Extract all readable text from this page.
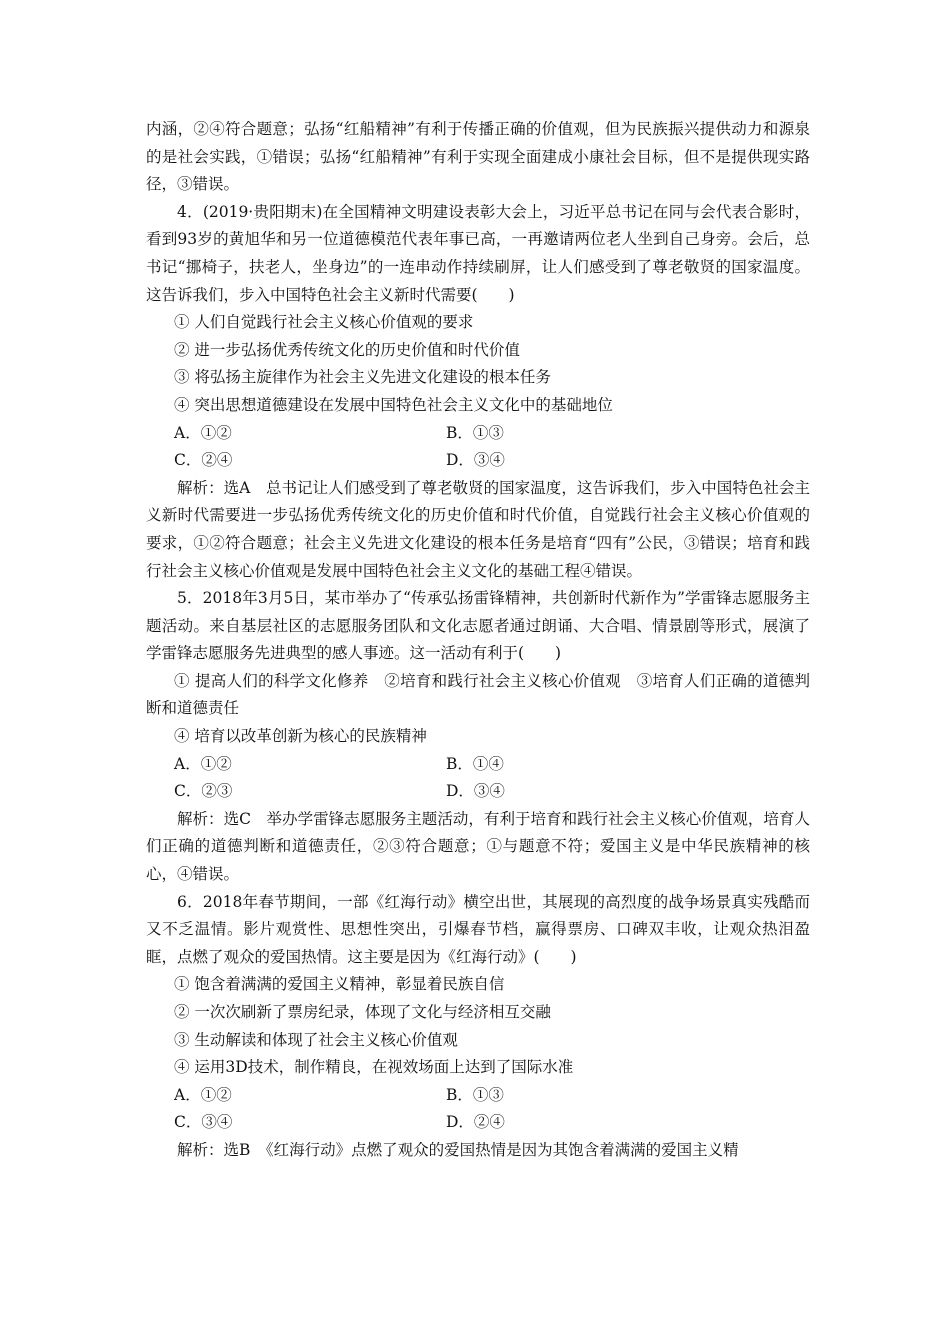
内涵，②④符合题意；弘扬“红船精神”有利于传播正确的价值观，但为民族振兴提供动力和源泉的是社会实践，①错误；弘扬“红船精神”有利于实现全面建成小康社会目标，但不是提供现实路径，③错误。

4．(2019·贵阳期末)在全国精神文明建设表彰大会上，习近平总书记在同与会代表合影时，看到93岁的黄旭华和另一位道德模范代表年事已高，一再邀请两位老人坐到自己身旁。会后，总书记“挪椅子，扶老人，坐身边”的一连串动作持续刷屏，让人们感受到了尊老敬贤的国家温度。这告诉我们，步入中国特色社会主义新时代需要(　　)

① 人们自觉践行社会主义核心价值观的要求

② 进一步弘扬优秀传统文化的历史价值和时代价值

③ 将弘扬主旋律作为社会主义先进文化建设的根本任务

④ 突出思想道德建设在发展中国特色社会主义文化中的基础地位

A．①②	B．①③
C．②④	D．③④

解析：选A　总书记让人们感受到了尊老敬贤的国家温度，这告诉我们，步入中国特色社会主义新时代需要进一步弘扬优秀传统文化的历史价值和时代价值，自觉践行社会主义核心价值观的要求，①②符合题意；社会主义先进文化建设的根本任务是培育“四有”公民，③错误；培育和践行社会主义核心价值观是发展中国特色社会主义文化的基础工程④错误。

5．2018年3月5日，某市举办了“传承弘扬雷锋精神，共创新时代新作为”学雷锋志愿服务主题活动。来自基层社区的志愿服务团队和文化志愿者通过朗诵、大合唱、情景剧等形式，展演了学雷锋志愿服务先进典型的感人事迹。这一活动有利于(　　)

① 提高人们的科学文化修养　②培育和践行社会主义核心价值观　③培育人们正确的道德判断和道德责任

④ 培育以改革创新为核心的民族精神

A．①②	B．①④
C．②③	D．③④

解析：选C　举办学雷锋志愿服务主题活动，有利于培育和践行社会主义核心价值观，培育人们正确的道德判断和道德责任，②③符合题意；①与题意不符；爱国主义是中华民族精神的核心，④错误。

6．2018年春节期间，一部《红海行动》横空出世，其展现的高烈度的战争场景真实残酷而又不乏温情。影片观赏性、思想性突出，引爆春节档，赢得票房、口碑双丰收，让观众热泪盈眶，点燃了观众的爱国热情。这主要是因为《红海行动》(　　)

① 饱含着满满的爱国主义精神，彰显着民族自信

② 一次次刷新了票房纪录，体现了文化与经济相互交融

③ 生动解读和体现了社会主义核心价值观

④ 运用3D技术，制作精良，在视效场面上达到了国际水准

A．①②	B．①③
C．③④	D．②④

解析：选B　《红海行动》点燃了观众的爱国热情是因为其饱含着满满的爱国主义精
